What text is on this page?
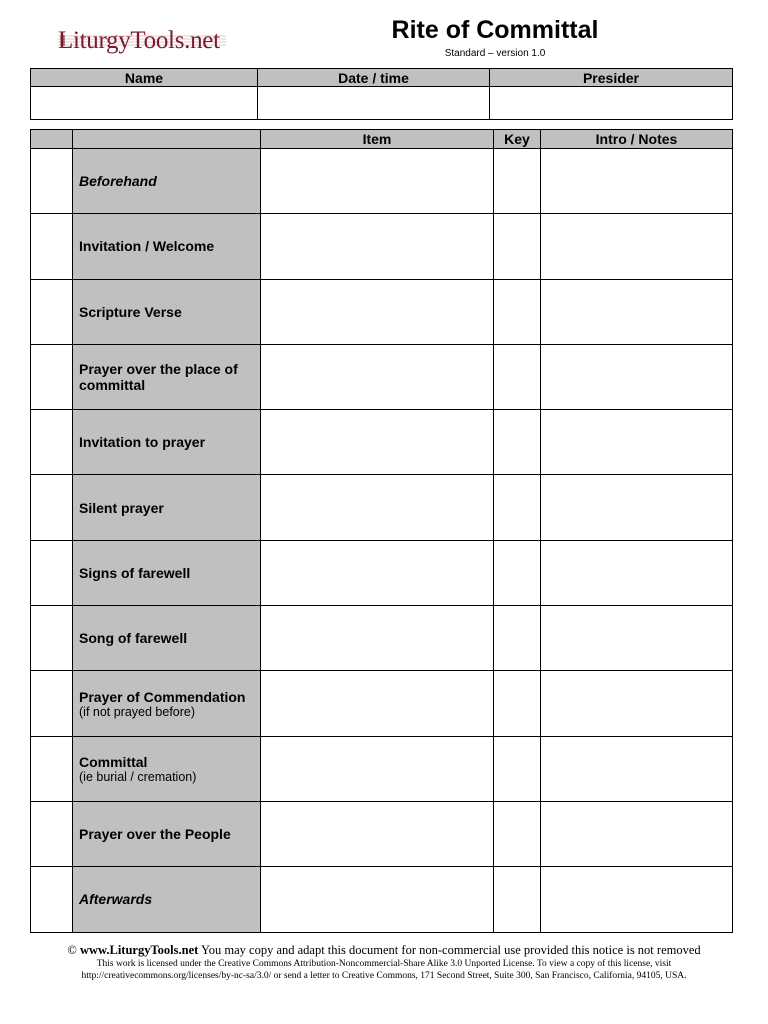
LiturgyTools.net	Rite of Committal
Standard – version 1.0
Name	Date / time	Presider

		Item	Key	Intro / Notes
	Beforehand			
	Invitation / Welcome			
	Scripture Verse			
	Prayer over the place of committal			
	Invitation to prayer			
	Silent prayer			
	Signs of farewell			
	Song of farewell			
	Prayer of Commendation
(if not prayed before)			

	Committal
(ie burial / cremation)			

	Prayer over the People			
	Afterwards			
© www.LiturgyTools.net You may copy and adapt this document for non-commercial use provided this notice is not removed
This work is licensed under the Creative Commons Attribution-Noncommercial-Share Alike 3.0 Unported License. To view a copy of this license, visit
http://creativecommons.org/licenses/by-nc-sa/3.0/ or send a letter to Creative Commons, 171 Second Street, Suite 300, San Francisco, California, 94105, USA.
